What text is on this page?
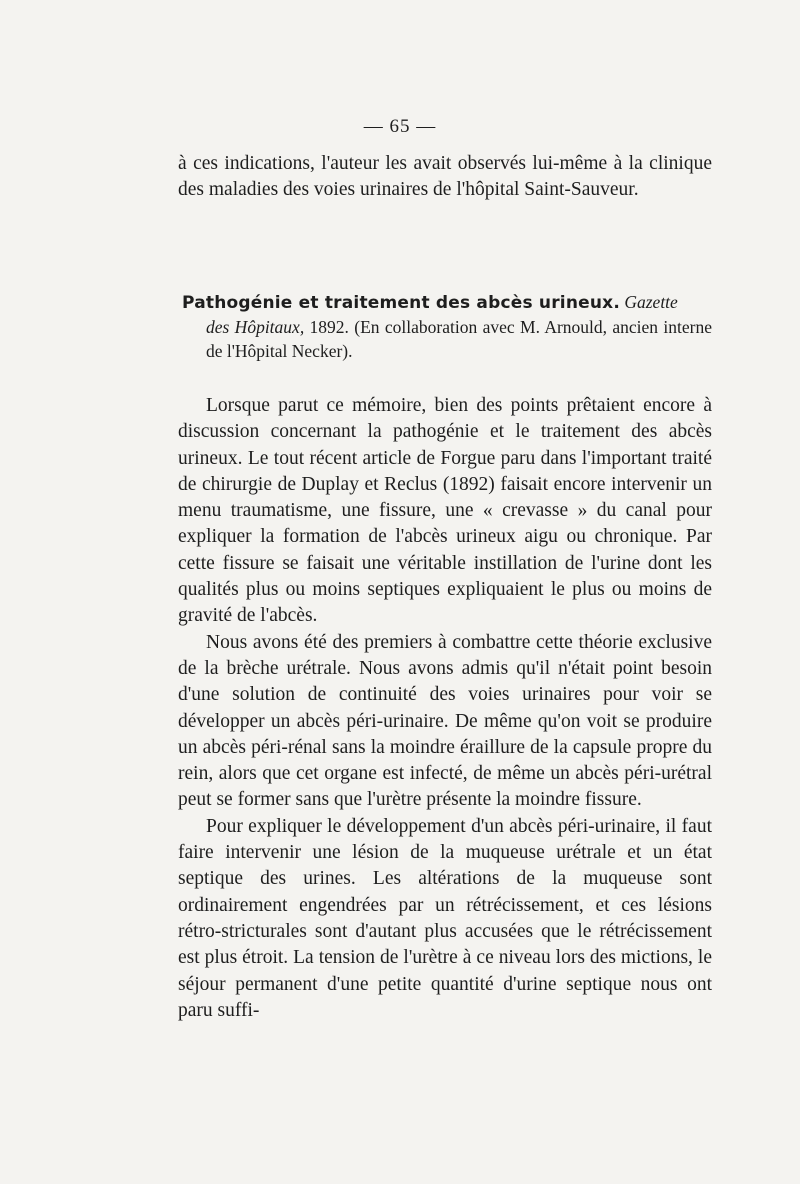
— 65 —

à ces indications, l'auteur les avait observés lui-même à la clinique des maladies des voies urinaires de l'hôpital Saint-Sauveur.

Pathogénie et traitement des abcès urineux. Gazette

des Hôpitaux, 1892. (En collaboration avec M. Arnould, ancien interne de l'Hôpital Necker).

Lorsque parut ce mémoire, bien des points prêtaient encore à discussion concernant la pathogénie et le traitement des abcès urineux. Le tout récent article de Forgue paru dans l'important traité de chirurgie de Duplay et Reclus (1892) faisait encore intervenir un menu traumatisme, une fissure, une « crevasse » du canal pour expliquer la formation de l'abcès urineux aigu ou chronique. Par cette fissure se faisait une véritable instillation de l'urine dont les qualités plus ou moins septiques expliquaient le plus ou moins de gravité de l'abcès.

Nous avons été des premiers à combattre cette théorie exclusive de la brèche urétrale. Nous avons admis qu'il n'était point besoin d'une solution de continuité des voies urinaires pour voir se développer un abcès péri-urinaire. De même qu'on voit se produire un abcès péri-rénal sans la moindre éraillure de la capsule propre du rein, alors que cet organe est infecté, de même un abcès péri-urétral peut se former sans que l'urètre présente la moindre fissure.

Pour expliquer le développement d'un abcès péri-urinaire, il faut faire intervenir une lésion de la muqueuse urétrale et un état septique des urines. Les altérations de la muqueuse sont ordinairement engendrées par un rétrécissement, et ces lésions rétro-stricturales sont d'autant plus accusées que le rétrécissement est plus étroit. La tension de l'urètre à ce niveau lors des mictions, le séjour permanent d'une petite quantité d'urine septique nous ont paru suffi-
